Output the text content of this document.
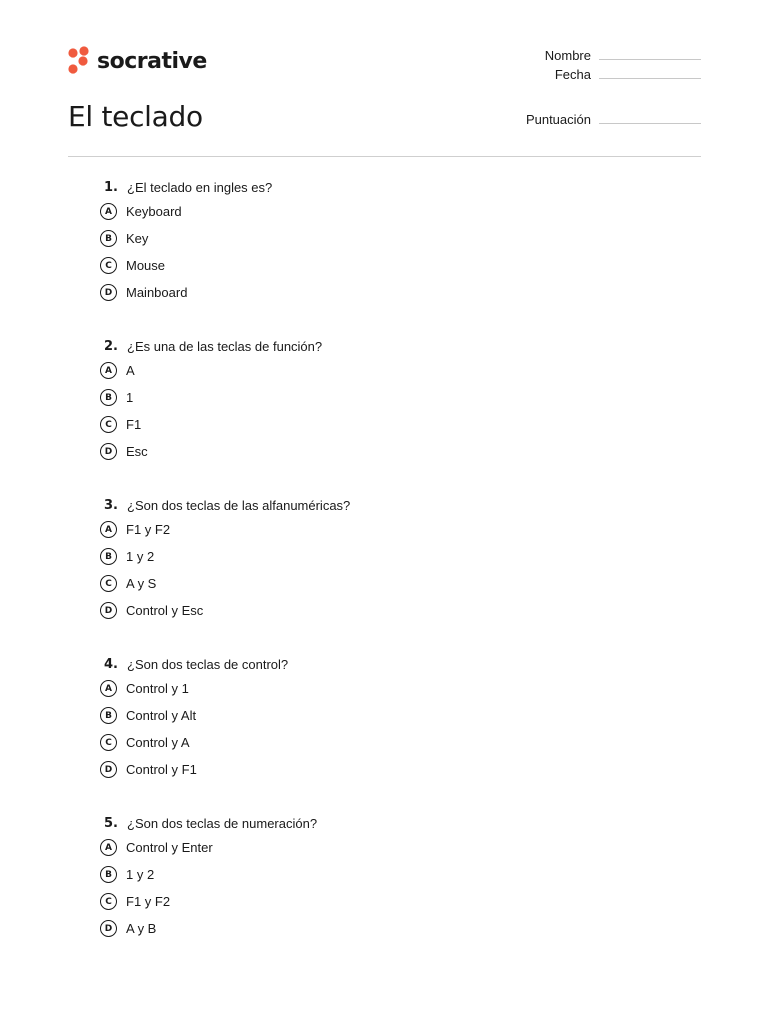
socrative
El teclado
Nombre
Fecha
Puntuación
1. ¿El teclado en ingles es?
A	Keyboard
B	Key
C	Mouse
D	Mainboard
2. ¿Es una de las teclas de función?
A	A
B	1
C	F1
D	Esc
3. ¿Son dos teclas de las alfanuméricas?
A	F1 y F2
B	1 y 2
C	A y S
D	Control y Esc
4. ¿Son dos teclas de control?
A	Control y 1
B	Control y Alt
C	Control y A
D	Control y F1
5. ¿Son dos teclas de numeración?
A	Control y Enter
B	1 y 2
C	F1 y F2
D	A y B
